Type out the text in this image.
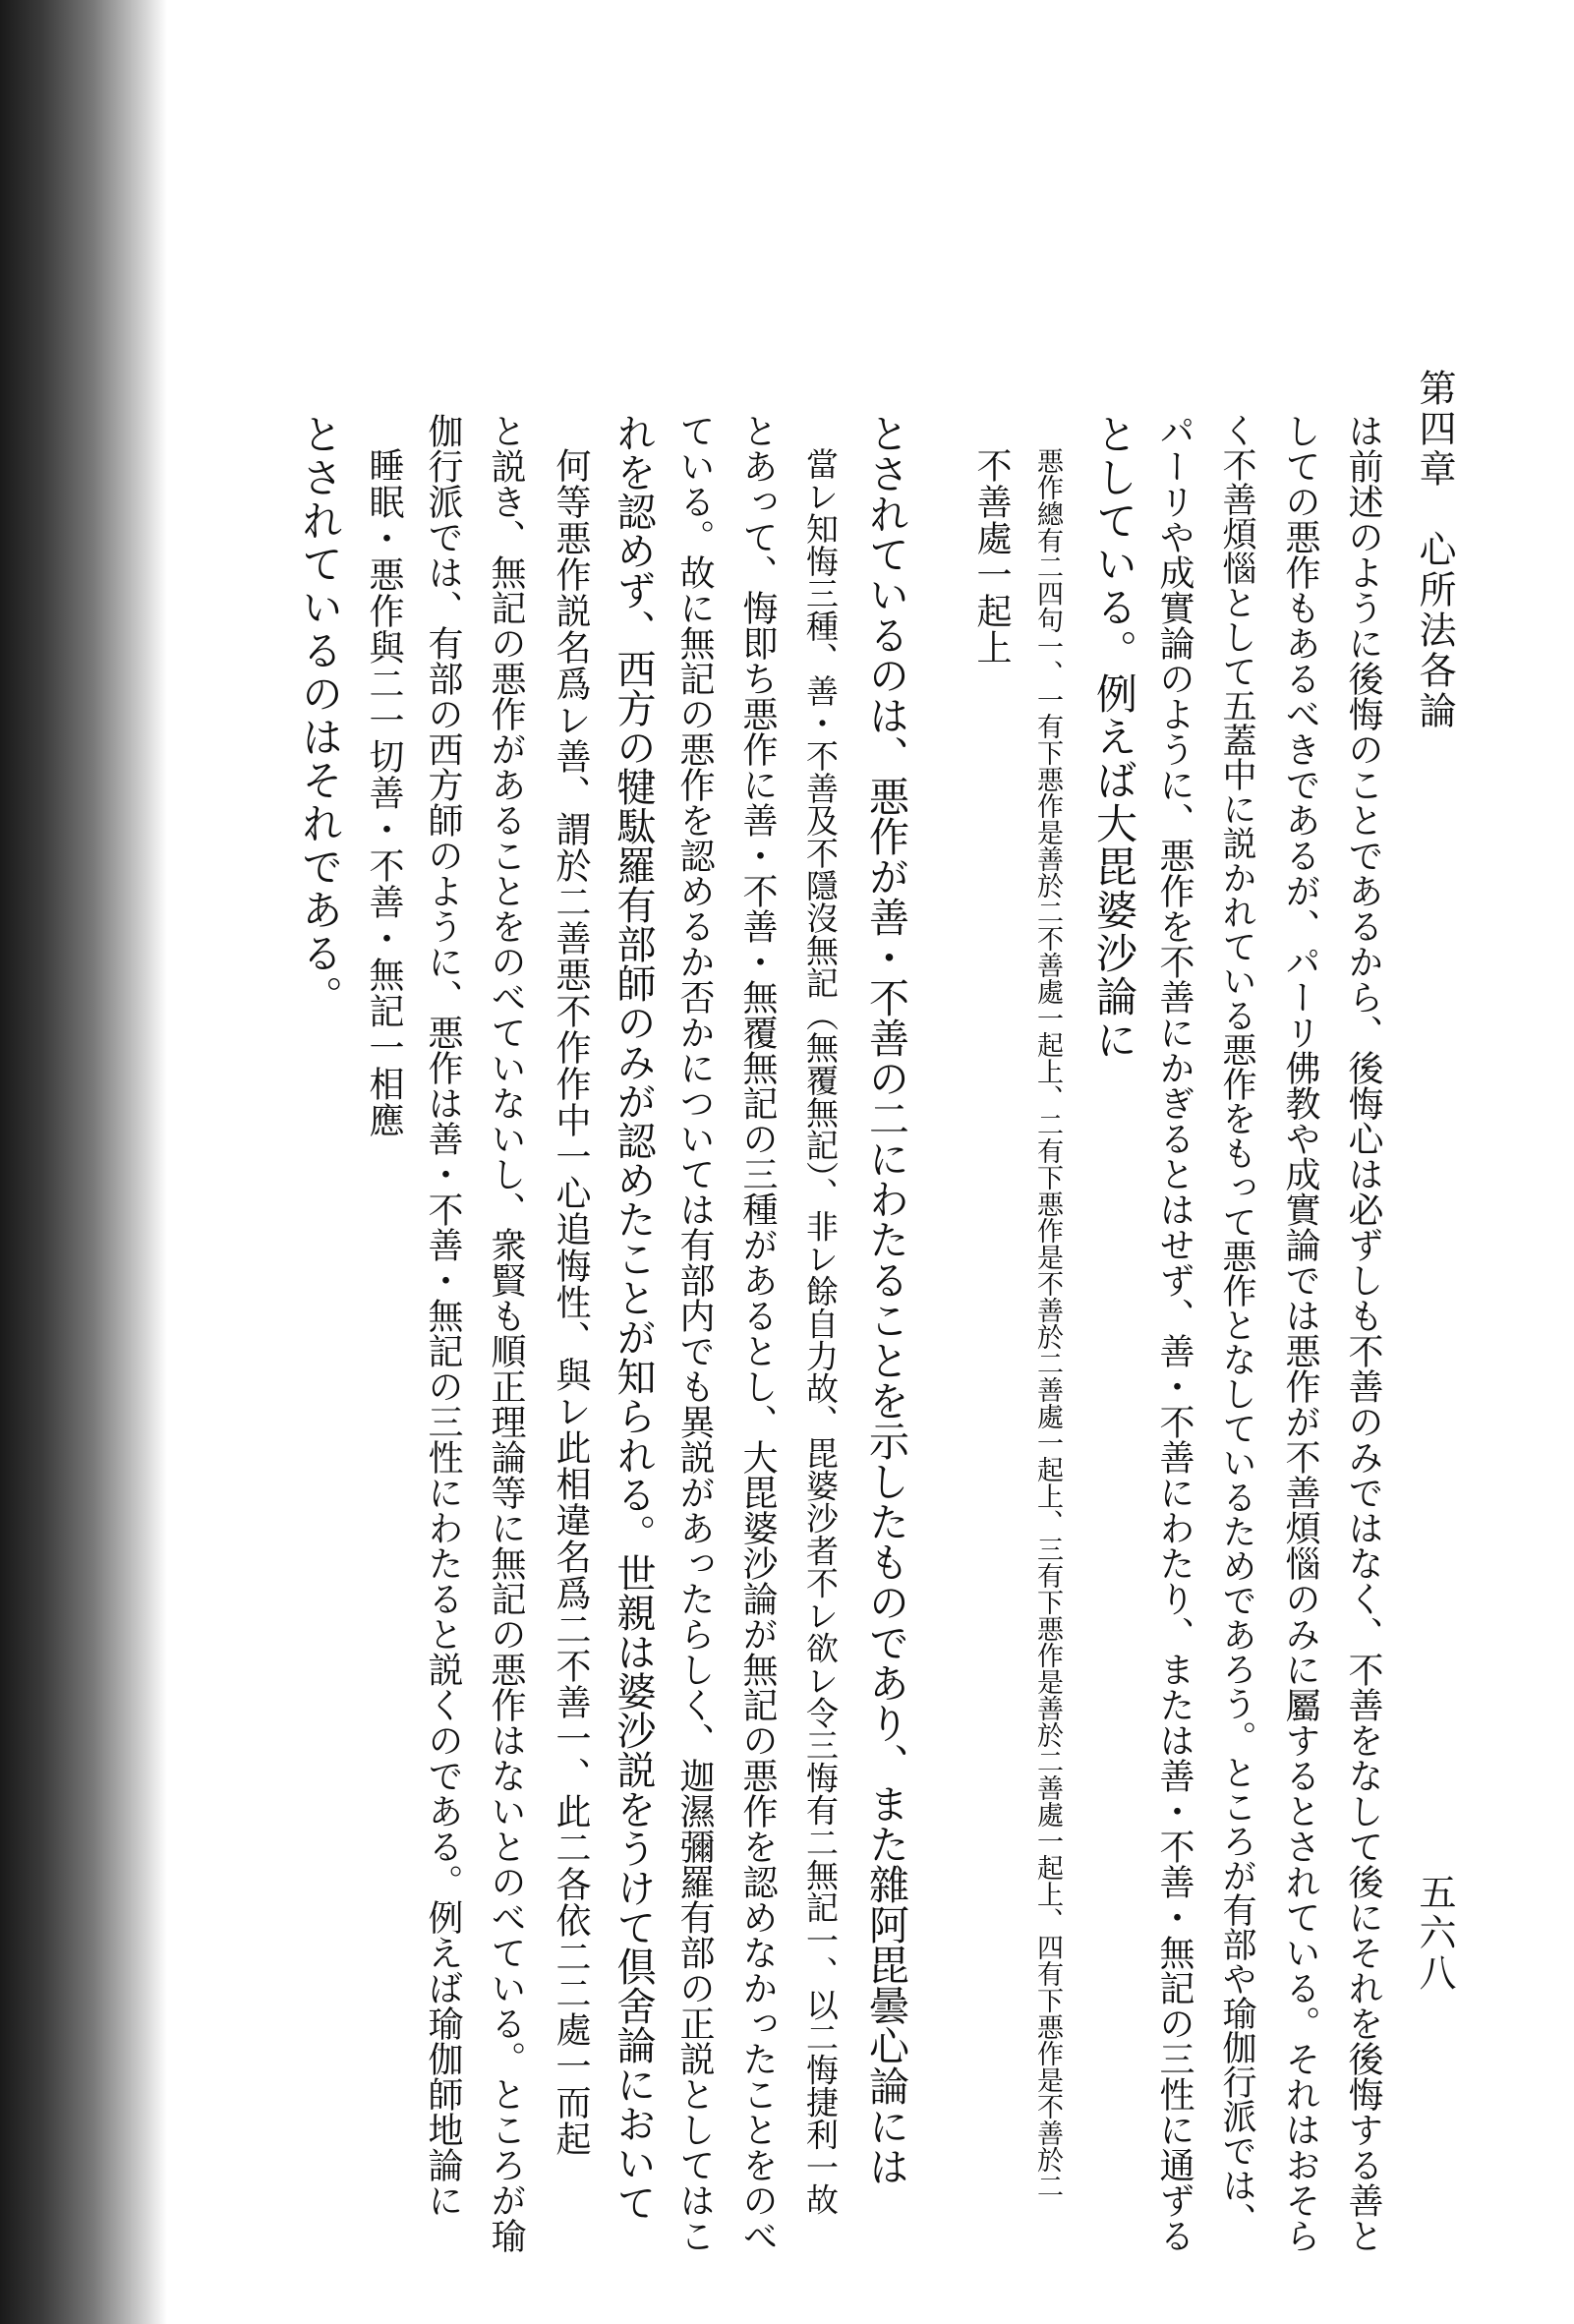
第四章　心所法各論
五六八
は前述のように後悔のことであるから、後悔心は必ずしも不善のみではなく、不善をなして後にそれを後悔する善と
しての悪作もあるべきであるが、パーリ佛教や成實論では悪作が不善煩惱のみに屬するとされている。それはおそら
く不善煩惱として五蓋中に説かれている悪作をもって悪作となしているためであろう。ところが有部や瑜伽行派では、
パーリや成實論のように、悪作を不善にかぎるとはせず、善・不善にわたり、または善・不善・無記の三性に通ずる
としている。例えば大毘婆沙論に
悪作總有二四句一、一有下悪作是善於二不善處一起上、二有下悪作是不善於二善處一起上、三有下悪作是善於二善處一起上、四有下悪作是不善於二
不善處一起上
とされているのは、悪作が善・不善の二にわたることを示したものであり、また雜阿毘曇心論には
當レ知悔三種、善・不善及不隱沒無記（無覆無記）、非レ餘自力故、毘婆沙者不レ欲レ令三悔有二無記一、以二悔捷利一故
とあって、悔即ち悪作に善・不善・無覆無記の三種があるとし、大毘婆沙論が無記の悪作を認めなかったことをのべ
ている。故に無記の悪作を認めるか否かについては有部内でも異説があったらしく、迦濕彌羅有部の正説としてはこ
れを認めず、西方の犍駄羅有部師のみが認めたことが知られる。世親は婆沙説をうけて倶舍論において
何等悪作説名爲レ善、謂於二善悪不作作中一心追悔性、與レ此相違名爲二不善一、此二各依二二處一而起
と説き、無記の悪作があることをのべていないし、衆賢も順正理論等に無記の悪作はないとのべている。ところが瑜
伽行派では、有部の西方師のように、悪作は善・不善・無記の三性にわたると説くのである。例えば瑜伽師地論に
睡眠・悪作與二一切善・不善・無記一相應
とされているのはそれである。
